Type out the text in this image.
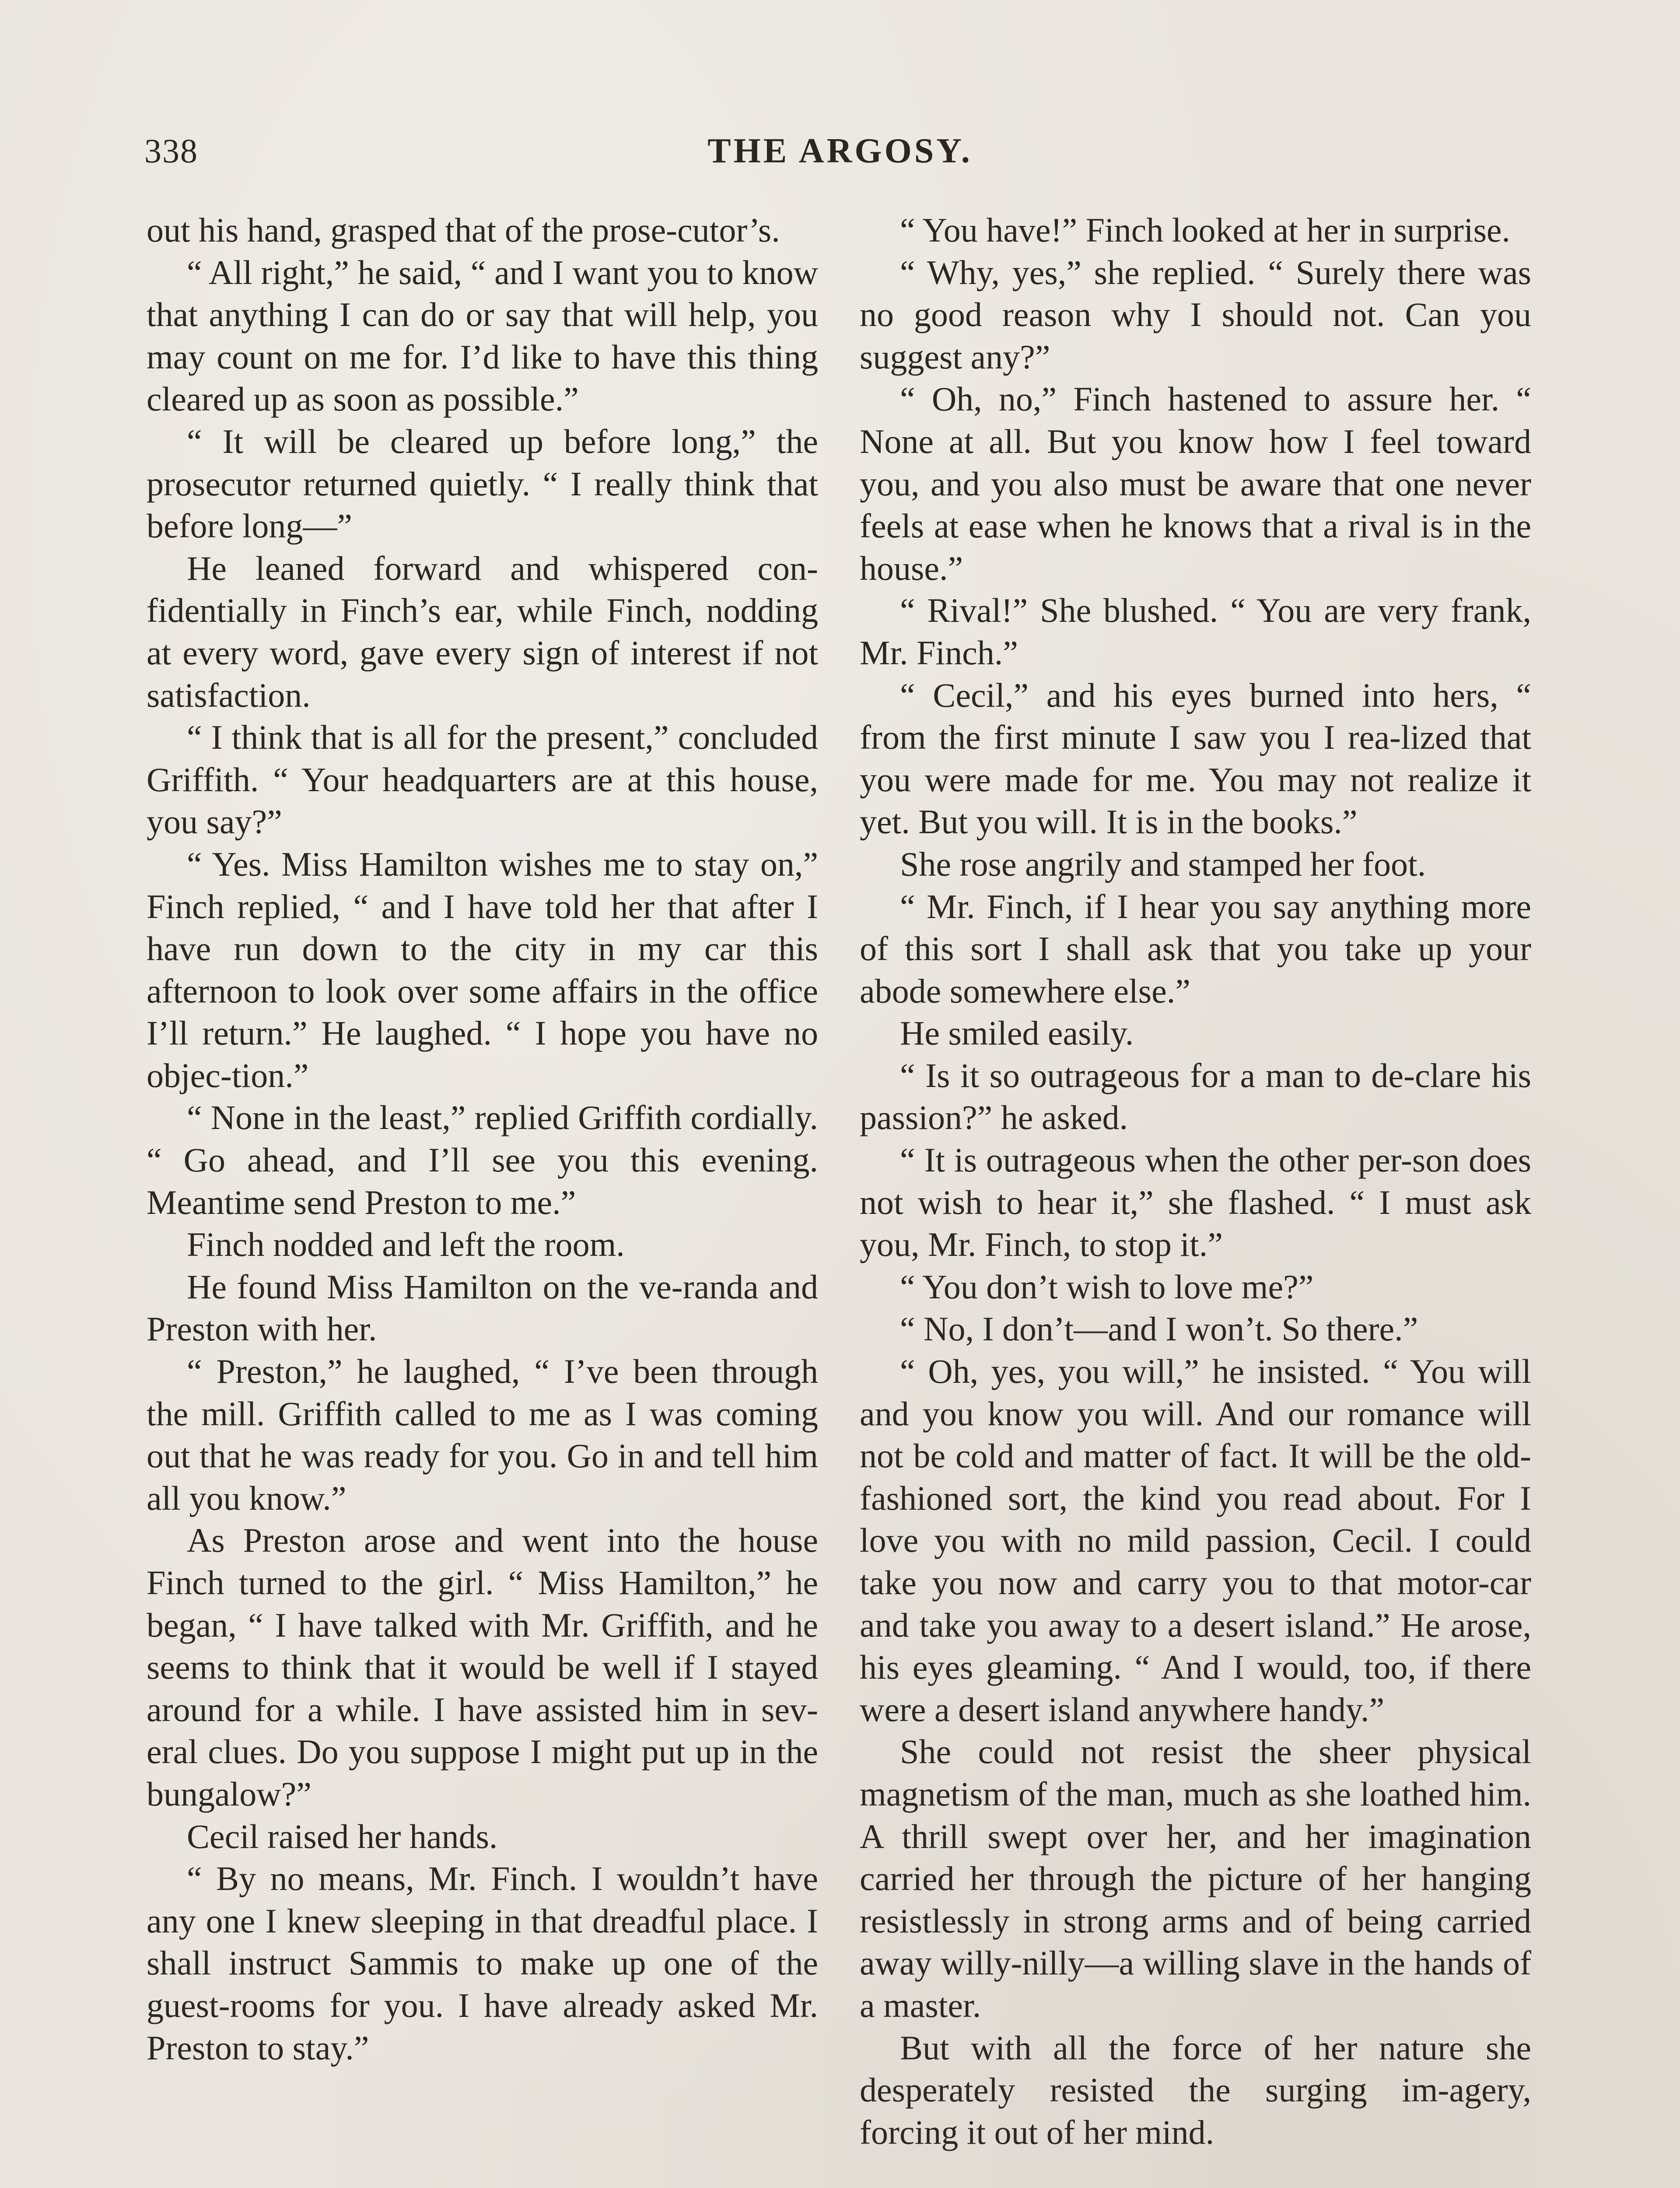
338	THE ARGOSY.

out his hand, grasped that of the prose-cutor’s.

“ All right,” he said, “ and I want you to know that anything I can do or say that will help, you may count on me for. I’d like to have this thing cleared up as soon as possible.”

“ It will be cleared up before long,” the prosecutor returned quietly. “ I really think that before long—”

He leaned forward and whispered con-fidentially in Finch’s ear, while Finch, nodding at every word, gave every sign of interest if not satisfaction.

“ I think that is all for the present,” concluded Griffith. “ Your headquarters are at this house, you say?”

“ Yes. Miss Hamilton wishes me to stay on,” Finch replied, “ and I have told her that after I have run down to the city in my car this afternoon to look over some affairs in the office I’ll return.” He laughed. “ I hope you have no objec-tion.”

“ None in the least,” replied Griffith cordially. “ Go ahead, and I’ll see you this evening. Meantime send Preston to me.”

Finch nodded and left the room.

He found Miss Hamilton on the ve-randa and Preston with her.

“ Preston,” he laughed, “ I’ve been through the mill. Griffith called to me as I was coming out that he was ready for you. Go in and tell him all you know.”

As Preston arose and went into the house Finch turned to the girl. “ Miss Hamilton,” he began, “ I have talked with Mr. Griffith, and he seems to think that it would be well if I stayed around for a while. I have assisted him in sev-eral clues. Do you suppose I might put up in the bungalow?”

Cecil raised her hands.

“ By no means, Mr. Finch. I wouldn’t have any one I knew sleeping in that dreadful place. I shall instruct Sammis to make up one of the guest-rooms for you. I have already asked Mr. Preston to stay.”

“ You have!” Finch looked at her in surprise.

“ Why, yes,” she replied. “ Surely there was no good reason why I should not. Can you suggest any?”

“ Oh, no,” Finch hastened to assure her. “ None at all. But you know how I feel toward you, and you also must be aware that one never feels at ease when he knows that a rival is in the house.”

“ Rival!” She blushed. “ You are very frank, Mr. Finch.”

“ Cecil,” and his eyes burned into hers, “ from the first minute I saw you I rea-lized that you were made for me. You may not realize it yet. But you will. It is in the books.”

She rose angrily and stamped her foot.

“ Mr. Finch, if I hear you say anything more of this sort I shall ask that you take up your abode somewhere else.”

He smiled easily.

“ Is it so outrageous for a man to de-clare his passion?” he asked.

“ It is outrageous when the other per-son does not wish to hear it,” she flashed. “ I must ask you, Mr. Finch, to stop it.”

“ You don’t wish to love me?”

“ No, I don’t—and I won’t. So there.”

“ Oh, yes, you will,” he insisted. “ You will and you know you will. And our romance will not be cold and matter of fact. It will be the old-fashioned sort, the kind you read about. For I love you with no mild passion, Cecil. I could take you now and carry you to that motor-car and take you away to a desert island.” He arose, his eyes gleaming. “ And I would, too, if there were a desert island anywhere handy.”

She could not resist the sheer physical magnetism of the man, much as she loathed him. A thrill swept over her, and her imagination carried her through the picture of her hanging resistlessly in strong arms and of being carried away willy-nilly—a willing slave in the hands of a master.

But with all the force of her nature she desperately resisted the surging im-agery, forcing it out of her mind.
